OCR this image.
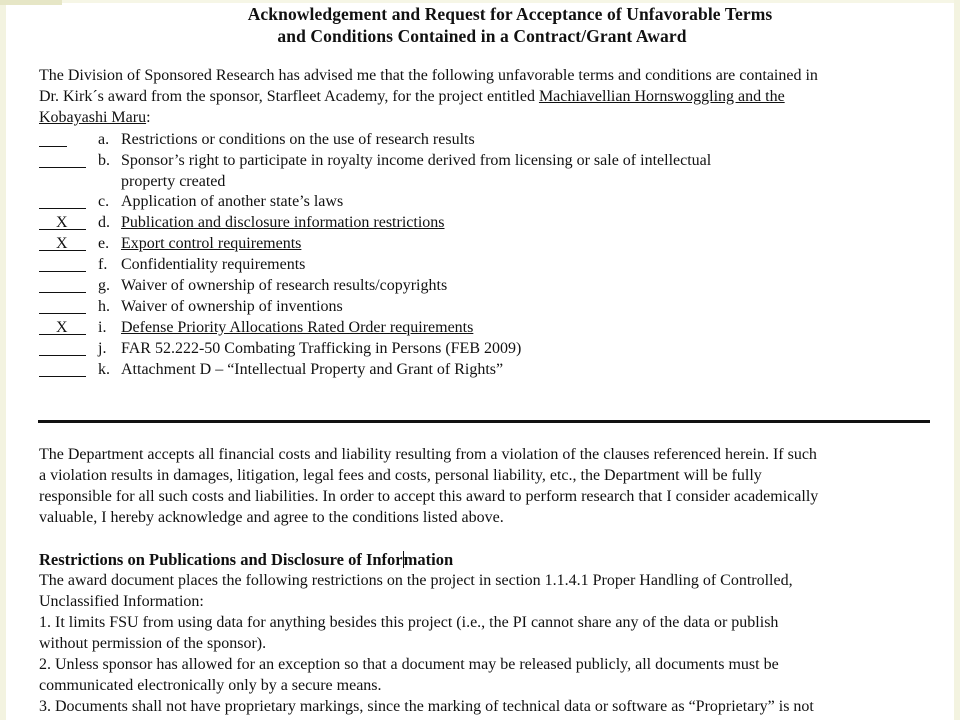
Acknowledgement and Request for Acceptance of Unfavorable Terms
and Conditions Contained in a Contract/Grant Award
The Division of Sponsored Research has advised me that the following unfavorable terms and conditions are contained in
Dr. Kirk´s award from the sponsor, Starfleet Academy, for the project entitled Machiavellian Hornswoggling and the
Kobayashi Maru:
a. Restrictions or conditions on the use of research results
b. Sponsor’s right to participate in royalty income derived from licensing or sale of intellectual
property created
c. Application of another state’s laws
X d. Publication and disclosure information restrictions
X e. Export control requirements
f. Confidentiality requirements
g. Waiver of ownership of research results/copyrights
h. Waiver of ownership of inventions
X i. Defense Priority Allocations Rated Order requirements
j. FAR 52.222-50 Combating Trafficking in Persons (FEB 2009)
k. Attachment D – “Intellectual Property and Grant of Rights”
The Department accepts all financial costs and liability resulting from a violation of the clauses referenced herein. If such
a violation results in damages, litigation, legal fees and costs, personal liability, etc., the Department will be fully
responsible for all such costs and liabilities. In order to accept this award to perform research that I consider academically
valuable, I hereby acknowledge and agree to the conditions listed above.
Restrictions on Publications and Disclosure of Information
The award document places the following restrictions on the project in section 1.1.4.1 Proper Handling of Controlled,
Unclassified Information:
1. It limits FSU from using data for anything besides this project (i.e., the PI cannot share any of the data or publish
without permission of the sponsor).
2. Unless sponsor has allowed for an exception so that a document may be released publicly, all documents must be
communicated electronically only by a secure means.
3. Documents shall not have proprietary markings, since the marking of technical data or software as “Proprietary” is not
